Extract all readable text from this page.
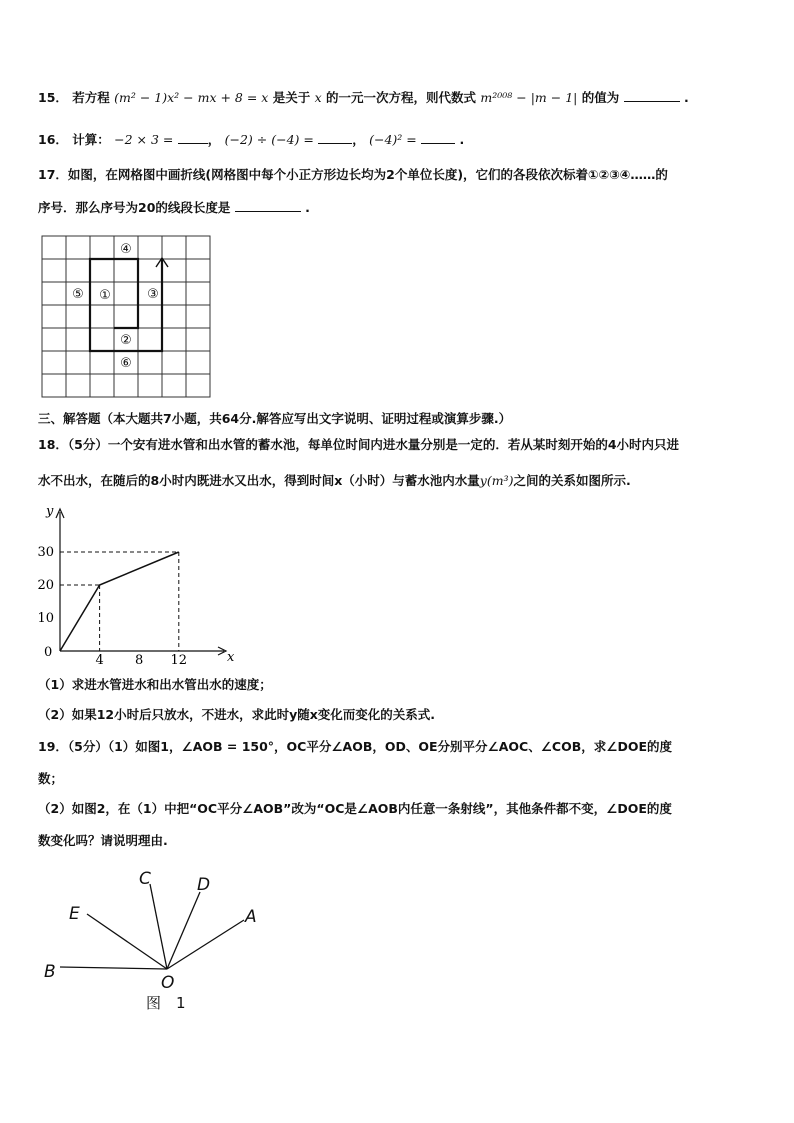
15． 若方程 (m² − 1)x² − mx + 8 = x 是关于 x 的一元一次方程，则代数式 m²⁰⁰⁸ − |m − 1| 的值为	.
16． 计算： −2 × 3 =	， (−2) ÷ (−4) =	， (−4)² =	.
17．如图，在网格图中画折线(网格图中每个小正方形边长均为2个单位长度)，它们的各段依次标着①②③④……的
序号．那么序号为20的线段长度是	.
④
⑤ ①	③
②
⑥
三、解答题（本大题共7小题，共64分.解答应写出文字说明、证明过程或演算步骤.）
18．（5分）一个安有进水管和出水管的蓄水池，每单位时间内进水量分别是一定的．若从某时刻开始的4小时内只进
水不出水，在随后的8小时内既进水又出水，得到时间x（小时）与蓄水池内水量y(m³)之间的关系如图所示.
x
y
0
4 8 12
10
20
30
（1）求进水管进水和出水管出水的速度；
（2）如果12小时后只放水，不进水，求此时y随x变化而变化的关系式.
19．（5分）（1）如图1，∠AOB = 150°，OC平分∠AOB，OD、OE分别平分∠AOC、∠COB，求∠DOE的度
数；
（2）如图2，在（1）中把“OC平分∠AOB”改为“OC是∠AOB内任意一条射线”，其他条件都不变，∠DOE的度
数变化吗？请说明理由.
C	D
E	A
B
O
图　1
